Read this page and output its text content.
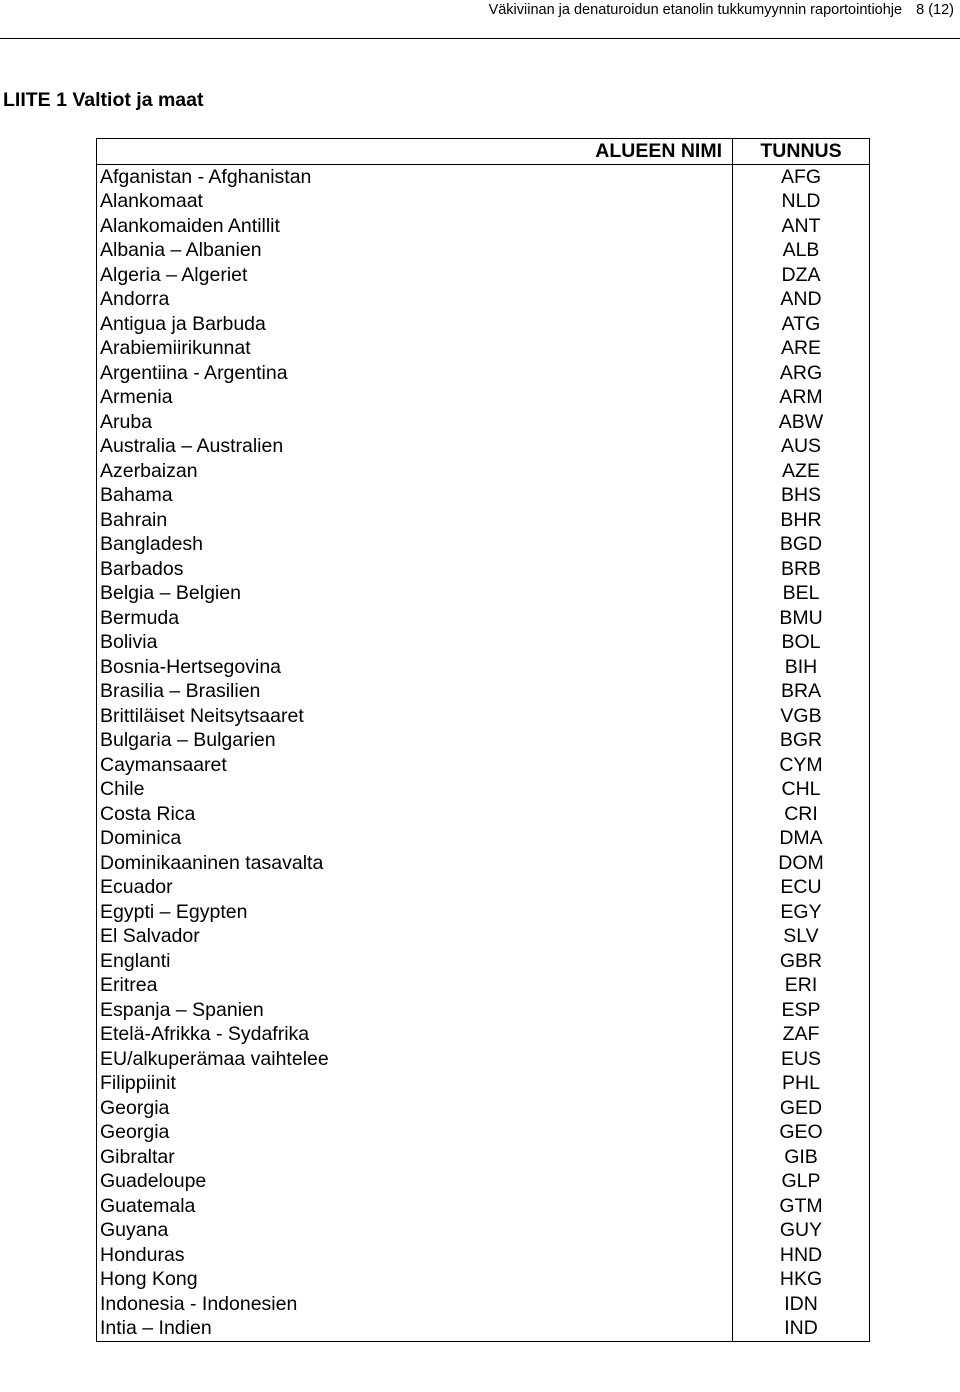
Väkiviinan ja denaturoidun etanolin tukkumyynnin raportointiohje 8 (12)
LIITE 1 Valtiot ja maat
ALUEEN NIMI	TUNNUS
Afganistan - Afghanistan	AFG
Alankomaat	NLD
Alankomaiden Antillit	ANT
Albania – Albanien	ALB
Algeria – Algeriet	DZA
Andorra	AND
Antigua ja Barbuda	ATG
Arabiemiirikunnat	ARE
Argentiina - Argentina	ARG
Armenia	ARM
Aruba	ABW
Australia – Australien	AUS
Azerbaizan	AZE
Bahama	BHS
Bahrain	BHR
Bangladesh	BGD
Barbados	BRB
Belgia – Belgien	BEL
Bermuda	BMU
Bolivia	BOL
Bosnia-Hertsegovina	BIH
Brasilia – Brasilien	BRA
Brittiläiset Neitsytsaaret	VGB
Bulgaria – Bulgarien	BGR
Caymansaaret	CYM
Chile	CHL
Costa Rica	CRI
Dominica	DMA
Dominikaaninen tasavalta	DOM
Ecuador	ECU
Egypti – Egypten	EGY
El Salvador	SLV
Englanti	GBR
Eritrea	ERI
Espanja – Spanien	ESP
Etelä-Afrikka - Sydafrika	ZAF
EU/alkuperämaa vaihtelee	EUS
Filippiinit	PHL
Georgia	GED
Georgia	GEO
Gibraltar	GIB
Guadeloupe	GLP
Guatemala	GTM
Guyana	GUY
Honduras	HND
Hong Kong	HKG
Indonesia - Indonesien	IDN
Intia – Indien	IND
